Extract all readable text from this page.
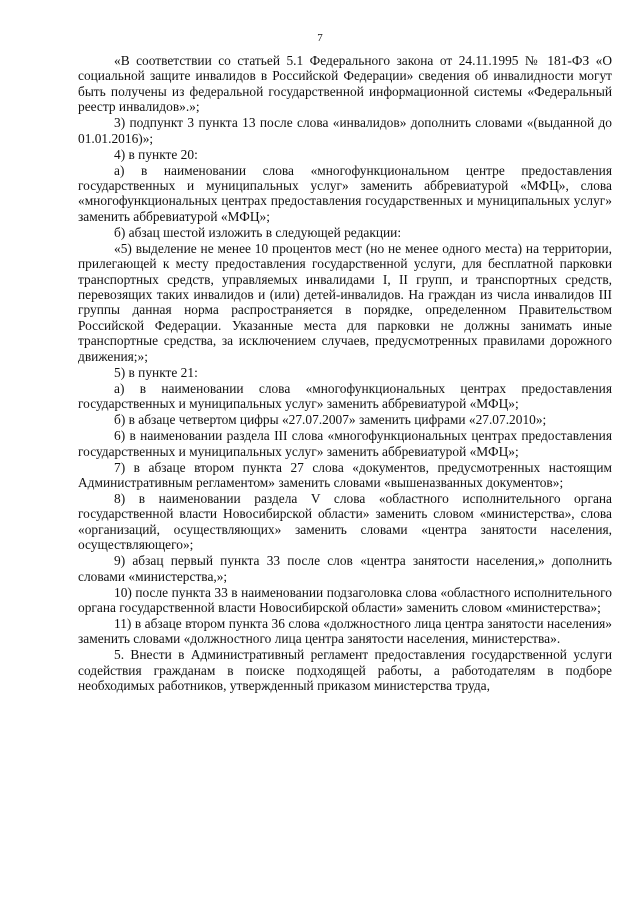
7

«В соответствии со статьей 5.1 Федерального закона от 24.11.1995 № 181-ФЗ «О социальной защите инвалидов в Российской Федерации» сведения об инвалидности могут быть получены из федеральной государственной информационной системы «Федеральный реестр инвалидов».»;

3) подпункт 3 пункта 13 после слова «инвалидов» дополнить словами «(выданной до 01.01.2016)»;

4) в пункте 20:

а) в наименовании слова «многофункциональном центре предоставления государственных и муниципальных услуг» заменить аббревиатурой «МФЦ», слова «многофункциональных центрах предоставления государственных и муниципальных услуг» заменить аббревиатурой «МФЦ»;

б) абзац шестой изложить в следующей редакции:

«5) выделение не менее 10 процентов мест (но не менее одного места) на территории, прилегающей к месту предоставления государственной услуги, для бесплатной парковки транспортных средств, управляемых инвалидами I, II групп, и транспортных средств, перевозящих таких инвалидов и (или) детей-инвалидов. На граждан из числа инвалидов III группы данная норма распространяется в порядке, определенном Правительством Российской Федерации. Указанные места для парковки не должны занимать иные транспортные средства, за исключением случаев, предусмотренных правилами дорожного движения;»;

5) в пункте 21:

а) в наименовании слова «многофункциональных центрах предоставления государственных и муниципальных услуг» заменить аббревиатурой «МФЦ»;

б) в абзаце четвертом цифры «27.07.2007» заменить цифрами «27.07.2010»;

6) в наименовании раздела III слова «многофункциональных центрах предоставления государственных и муниципальных услуг» заменить аббревиатурой «МФЦ»;

7) в абзаце втором пункта 27 слова «документов, предусмотренных настоящим Административным регламентом» заменить словами «вышеназванных документов»;

8) в наименовании раздела V слова «областного исполнительного органа государственной власти Новосибирской области» заменить словом «министерства», слова «организаций, осуществляющих» заменить словами «центра занятости населения, осуществляющего»;

9) абзац первый пункта 33 после слов «центра занятости населения,» дополнить словами «министерства,»;

10) после пункта 33 в наименовании подзаголовка слова «областного исполнительного органа государственной власти Новосибирской области» заменить словом «министерства»;

11) в абзаце втором пункта 36 слова «должностного лица центра занятости населения» заменить словами «должностного лица центра занятости населения, министерства».

5. Внести в Административный регламент предоставления государственной услуги содействия гражданам в поиске подходящей работы, а работодателям в подборе необходимых работников, утвержденный приказом министерства труда,
